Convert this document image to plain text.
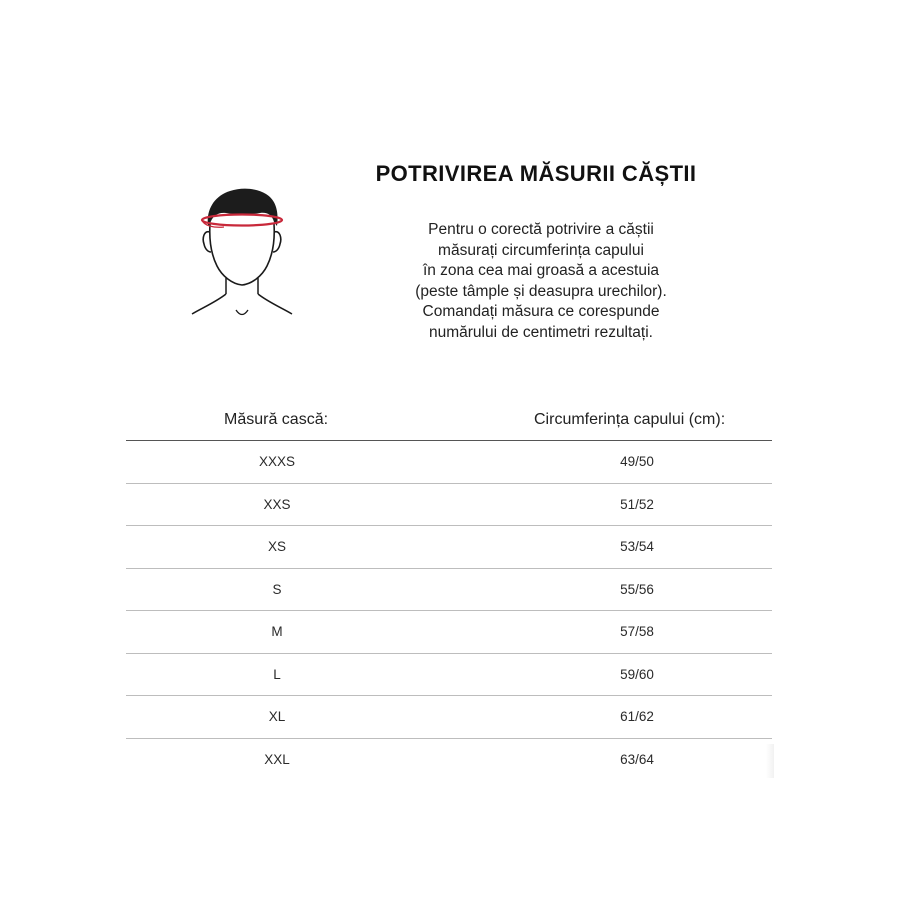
POTRIVIREA MĂSURII CĂȘTII
Pentru o corectă potrivire a căștii
măsurați circumferința capului
în zona cea mai groasă a acestuia
(peste tâmple și deasupra urechilor).
Comandați măsura ce corespunde
numărului de centimetri rezultați.
Măsură cască:	Circumferința capului (cm):
XXXS	49/50
XXS	51/52
XS	53/54
S	55/56
M	57/58
L	59/60
XL	61/62
XXL	63/64
